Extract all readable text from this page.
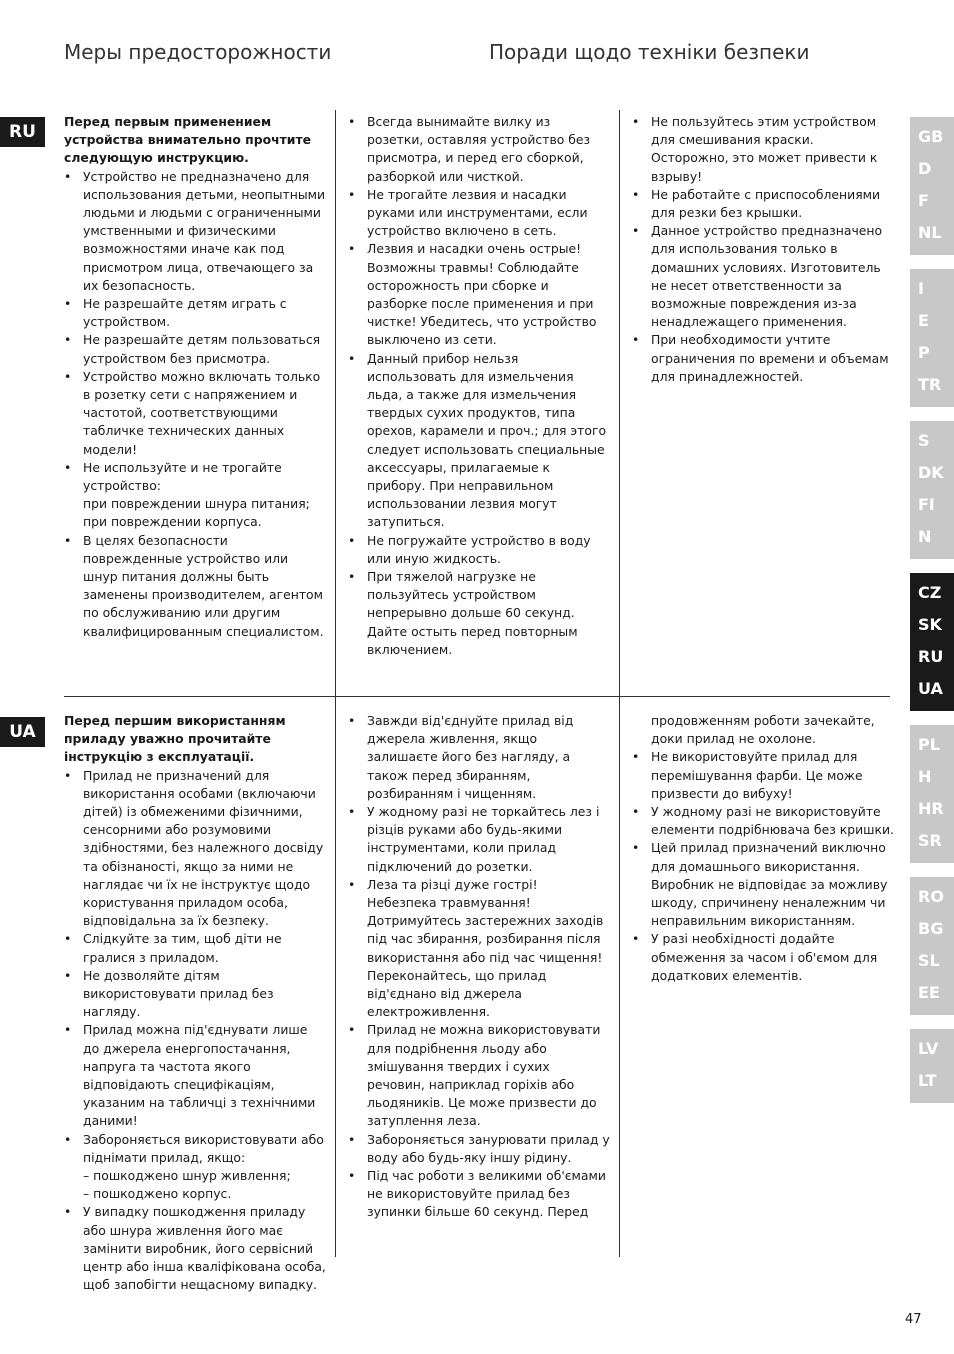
Меры предосторожности	Поради щодо техніки безпеки
RU
UA
Перед первым применением устройства внимательно прочтите следующую инструкцию.
• Устройство не предназначено для использования детьми, неопытными людьми и людьми с ограниченными умственными и физическими возможностями иначе как под присмотром лица, отвечающего за их безопасность.
• Не разрешайте детям играть с устройством.
• Не разрешайте детям пользоваться устройством без присмотра.
• Устройство можно включать только в розетку сети с напряжением и частотой, соответствующими табличке технических данных модели!
• Не используйте и не трогайте устройство:
при повреждении шнура питания;
при повреждении корпуса.
• В целях безопасности поврежденные устройство или шнур питания должны быть заменены производителем, агентом по обслуживанию или другим квалифицированным специалистом.
• Всегда вынимайте вилку из розетки, оставляя устройство без присмотра, и перед его сборкой, разборкой или чисткой.
• Не трогайте лезвия и насадки руками или инструментами, если устройство включено в сеть.
• Лезвия и насадки очень острые! Возможны травмы! Соблюдайте осторожность при сборке и разборке после применения и при чистке! Убедитесь, что устройство выключено из сети.
• Данный прибор нельзя использовать для измельчения льда, а также для измельчения твердых сухих продуктов, типа орехов, карамели и проч.; для этого следует использовать специальные аксессуары, прилагаемые к прибору. При неправильном использовании лезвия могут затупиться.
• Не погружайте устройство в воду или иную жидкость.
• При тяжелой нагрузке не пользуйтесь устройством непрерывно дольше 60 секунд. Дайте остыть перед повторным включением.
• Не пользуйтесь этим устройством для смешивания краски. Осторожно, это может привести к взрыву!
• Не работайте с приспособлениями для резки без крышки.
• Данное устройство предназначено для использования только в домашних условиях. Изготовитель не несет ответственности за возможные повреждения из-за ненадлежащего применения.
• При необходимости учтите ограничения по времени и объемам для принадлежностей.
Перед першим використанням приладу уважно прочитайте інструкцію з експлуатації.
• Прилад не призначений для використання особами (включаючи дітей) із обмеженими фізичними, сенсорними або розумовими здібностями, без належного досвіду та обізнаності, якщо за ними не наглядає чи їх не інструктує щодо користування приладом особа, відповідальна за їх безпеку.
• Слідкуйте за тим, щоб діти не гралися з приладом.
• Не дозволяйте дітям використовувати прилад без нагляду.
• Прилад можна під'єднувати лише до джерела енергопостачання, напруга та частота якого відповідають специфікаціям, указаним на табличці з технічними даними!
• Забороняється використовувати або піднімати прилад, якщо:
– пошкоджено шнур живлення;
– пошкоджено корпус.
• У випадку пошкодження приладу або шнура живлення його має замінити виробник, його сервісний центр або інша кваліфікована особа, щоб запобігти нещасному випадку.
• Завжди від'єднуйте прилад від джерела живлення, якщо залишаєте його без нагляду, а також перед збиранням, розбиранням і чищенням.
• У жодному разі не торкайтесь лез і різців руками або будь-якими інструментами, коли прилад підключений до розетки.
• Леза та різці дуже гострі! Небезпека травмування! Дотримуйтесь застережних заходів під час збирання, розбирання після використання або під час чищення! Переконайтесь, що прилад від'єднано від джерела електроживлення.
• Прилад не можна використовувати для подрібнення льоду або змішування твердих і сухих речовин, наприклад горіхів або льодяників. Це може призвести до затуплення леза.
• Забороняється занурювати прилад у воду або будь-яку іншу рідину.
• Під час роботи з великими об'ємами не використовуйте прилад без зупинки більше 60 секунд. Перед
продовженням роботи зачекайте, доки прилад не охолоне.
• Не використовуйте прилад для перемішування фарби. Це може призвести до вибуху!
• У жодному разі не використовуйте елементи подрібнювача без кришки.
• Цей прилад призначений виключно для домашнього використання. Виробник не відповідає за можливу шкоду, спричинену неналежним чи неправильним використанням.
• У разі необхідності додайте обмеження за часом і об'ємом для додаткових елементів.
GB
D
F
NL
I
E
P
TR
S
DK
FI
N
CZ
SK
RU
UA
PL
H
HR
SR
RO
BG
SL
EE
LV
LT
47
